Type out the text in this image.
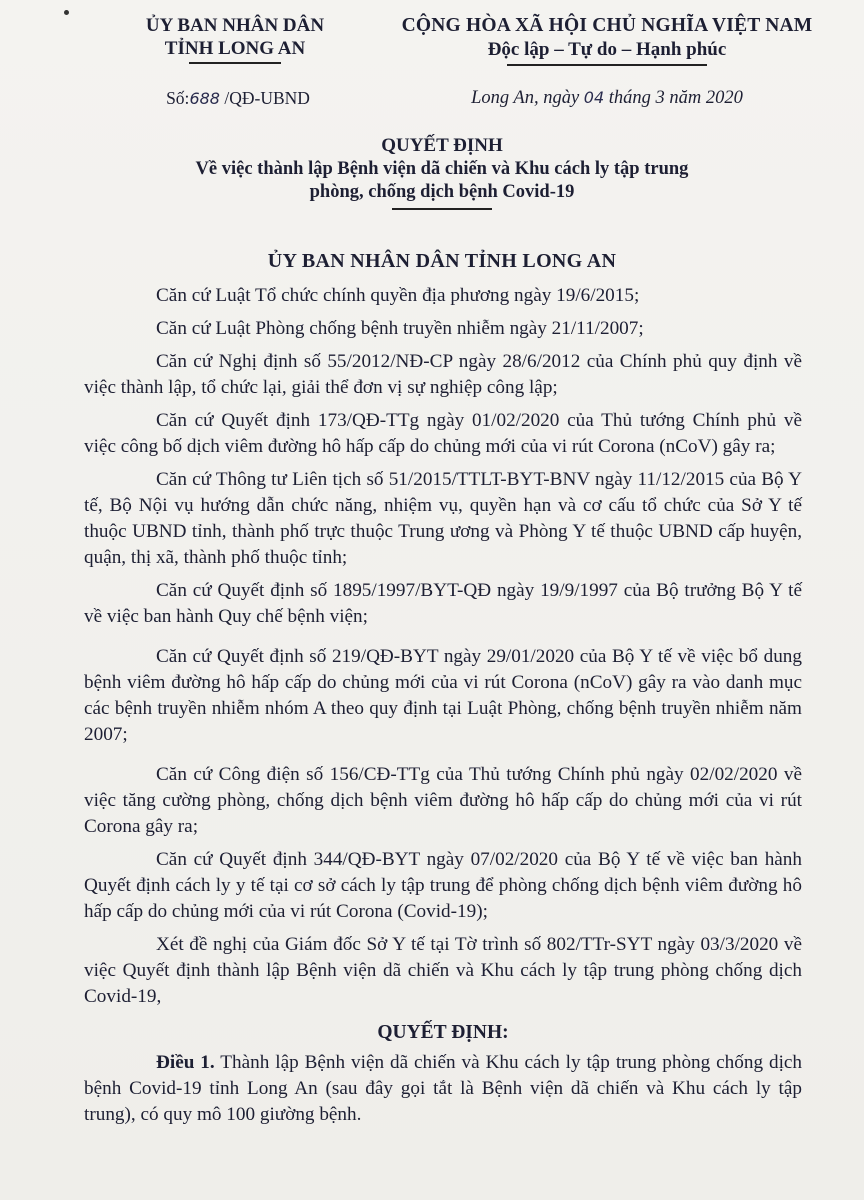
ỦY BAN NHÂN DÂN
TỈNH LONG AN
CỘNG HÒA XÃ HỘI CHỦ NGHĨA VIỆT NAM
Độc lập – Tự do – Hạnh phúc
Số:688 /QĐ-UBND	Long An, ngày 04 tháng 3 năm 2020
QUYẾT ĐỊNH
Về việc thành lập Bệnh viện dã chiến và Khu cách ly tập trung
phòng, chống dịch bệnh Covid-19
ỦY BAN NHÂN DÂN TỈNH LONG AN

Căn cứ Luật Tổ chức chính quyền địa phương ngày 19/6/2015;

Căn cứ Luật Phòng chống bệnh truyền nhiễm ngày 21/11/2007;

Căn cứ Nghị định số 55/2012/NĐ-CP ngày 28/6/2012 của Chính phủ quy định về việc thành lập, tổ chức lại, giải thể đơn vị sự nghiệp công lập;

Căn cứ Quyết định 173/QĐ-TTg ngày 01/02/2020 của Thủ tướng Chính phủ về việc công bố dịch viêm đường hô hấp cấp do chủng mới của vi rút Corona (nCoV) gây ra;

Căn cứ Thông tư Liên tịch số 51/2015/TTLT-BYT-BNV ngày 11/12/2015 của Bộ Y tế, Bộ Nội vụ hướng dẫn chức năng, nhiệm vụ, quyền hạn và cơ cấu tổ chức của Sở Y tế thuộc UBND tỉnh, thành phố trực thuộc Trung ương và Phòng Y tế thuộc UBND cấp huyện, quận, thị xã, thành phố thuộc tỉnh;

Căn cứ Quyết định số 1895/1997/BYT-QĐ ngày 19/9/1997 của Bộ trưởng Bộ Y tế về việc ban hành Quy chế bệnh viện;

Căn cứ Quyết định số 219/QĐ-BYT ngày 29/01/2020 của Bộ Y tế về việc bổ dung bệnh viêm đường hô hấp cấp do chủng mới của vi rút Corona (nCoV) gây ra vào danh mục các bệnh truyền nhiễm nhóm A theo quy định tại Luật Phòng, chống bệnh truyền nhiễm năm 2007;

Căn cứ Công điện số 156/CĐ-TTg của Thủ tướng Chính phủ ngày 02/02/2020 về việc tăng cường phòng, chống dịch bệnh viêm đường hô hấp cấp do chủng mới của vi rút Corona gây ra;

Căn cứ Quyết định 344/QĐ-BYT ngày 07/02/2020 của Bộ Y tế về việc ban hành Quyết định cách ly y tế tại cơ sở cách ly tập trung để phòng chống dịch bệnh viêm đường hô hấp cấp do chủng mới của vi rút Corona (Covid-19);

Xét đề nghị của Giám đốc Sở Y tế tại Tờ trình số 802/TTr-SYT ngày 03/3/2020 về việc Quyết định thành lập Bệnh viện dã chiến và Khu cách ly tập trung phòng chống dịch Covid-19,

QUYẾT ĐỊNH:

Điều 1. Thành lập Bệnh viện dã chiến và Khu cách ly tập trung phòng chống dịch bệnh Covid-19 tỉnh Long An (sau đây gọi tắt là Bệnh viện dã chiến và Khu cách ly tập trung), có quy mô 100 giường bệnh.
